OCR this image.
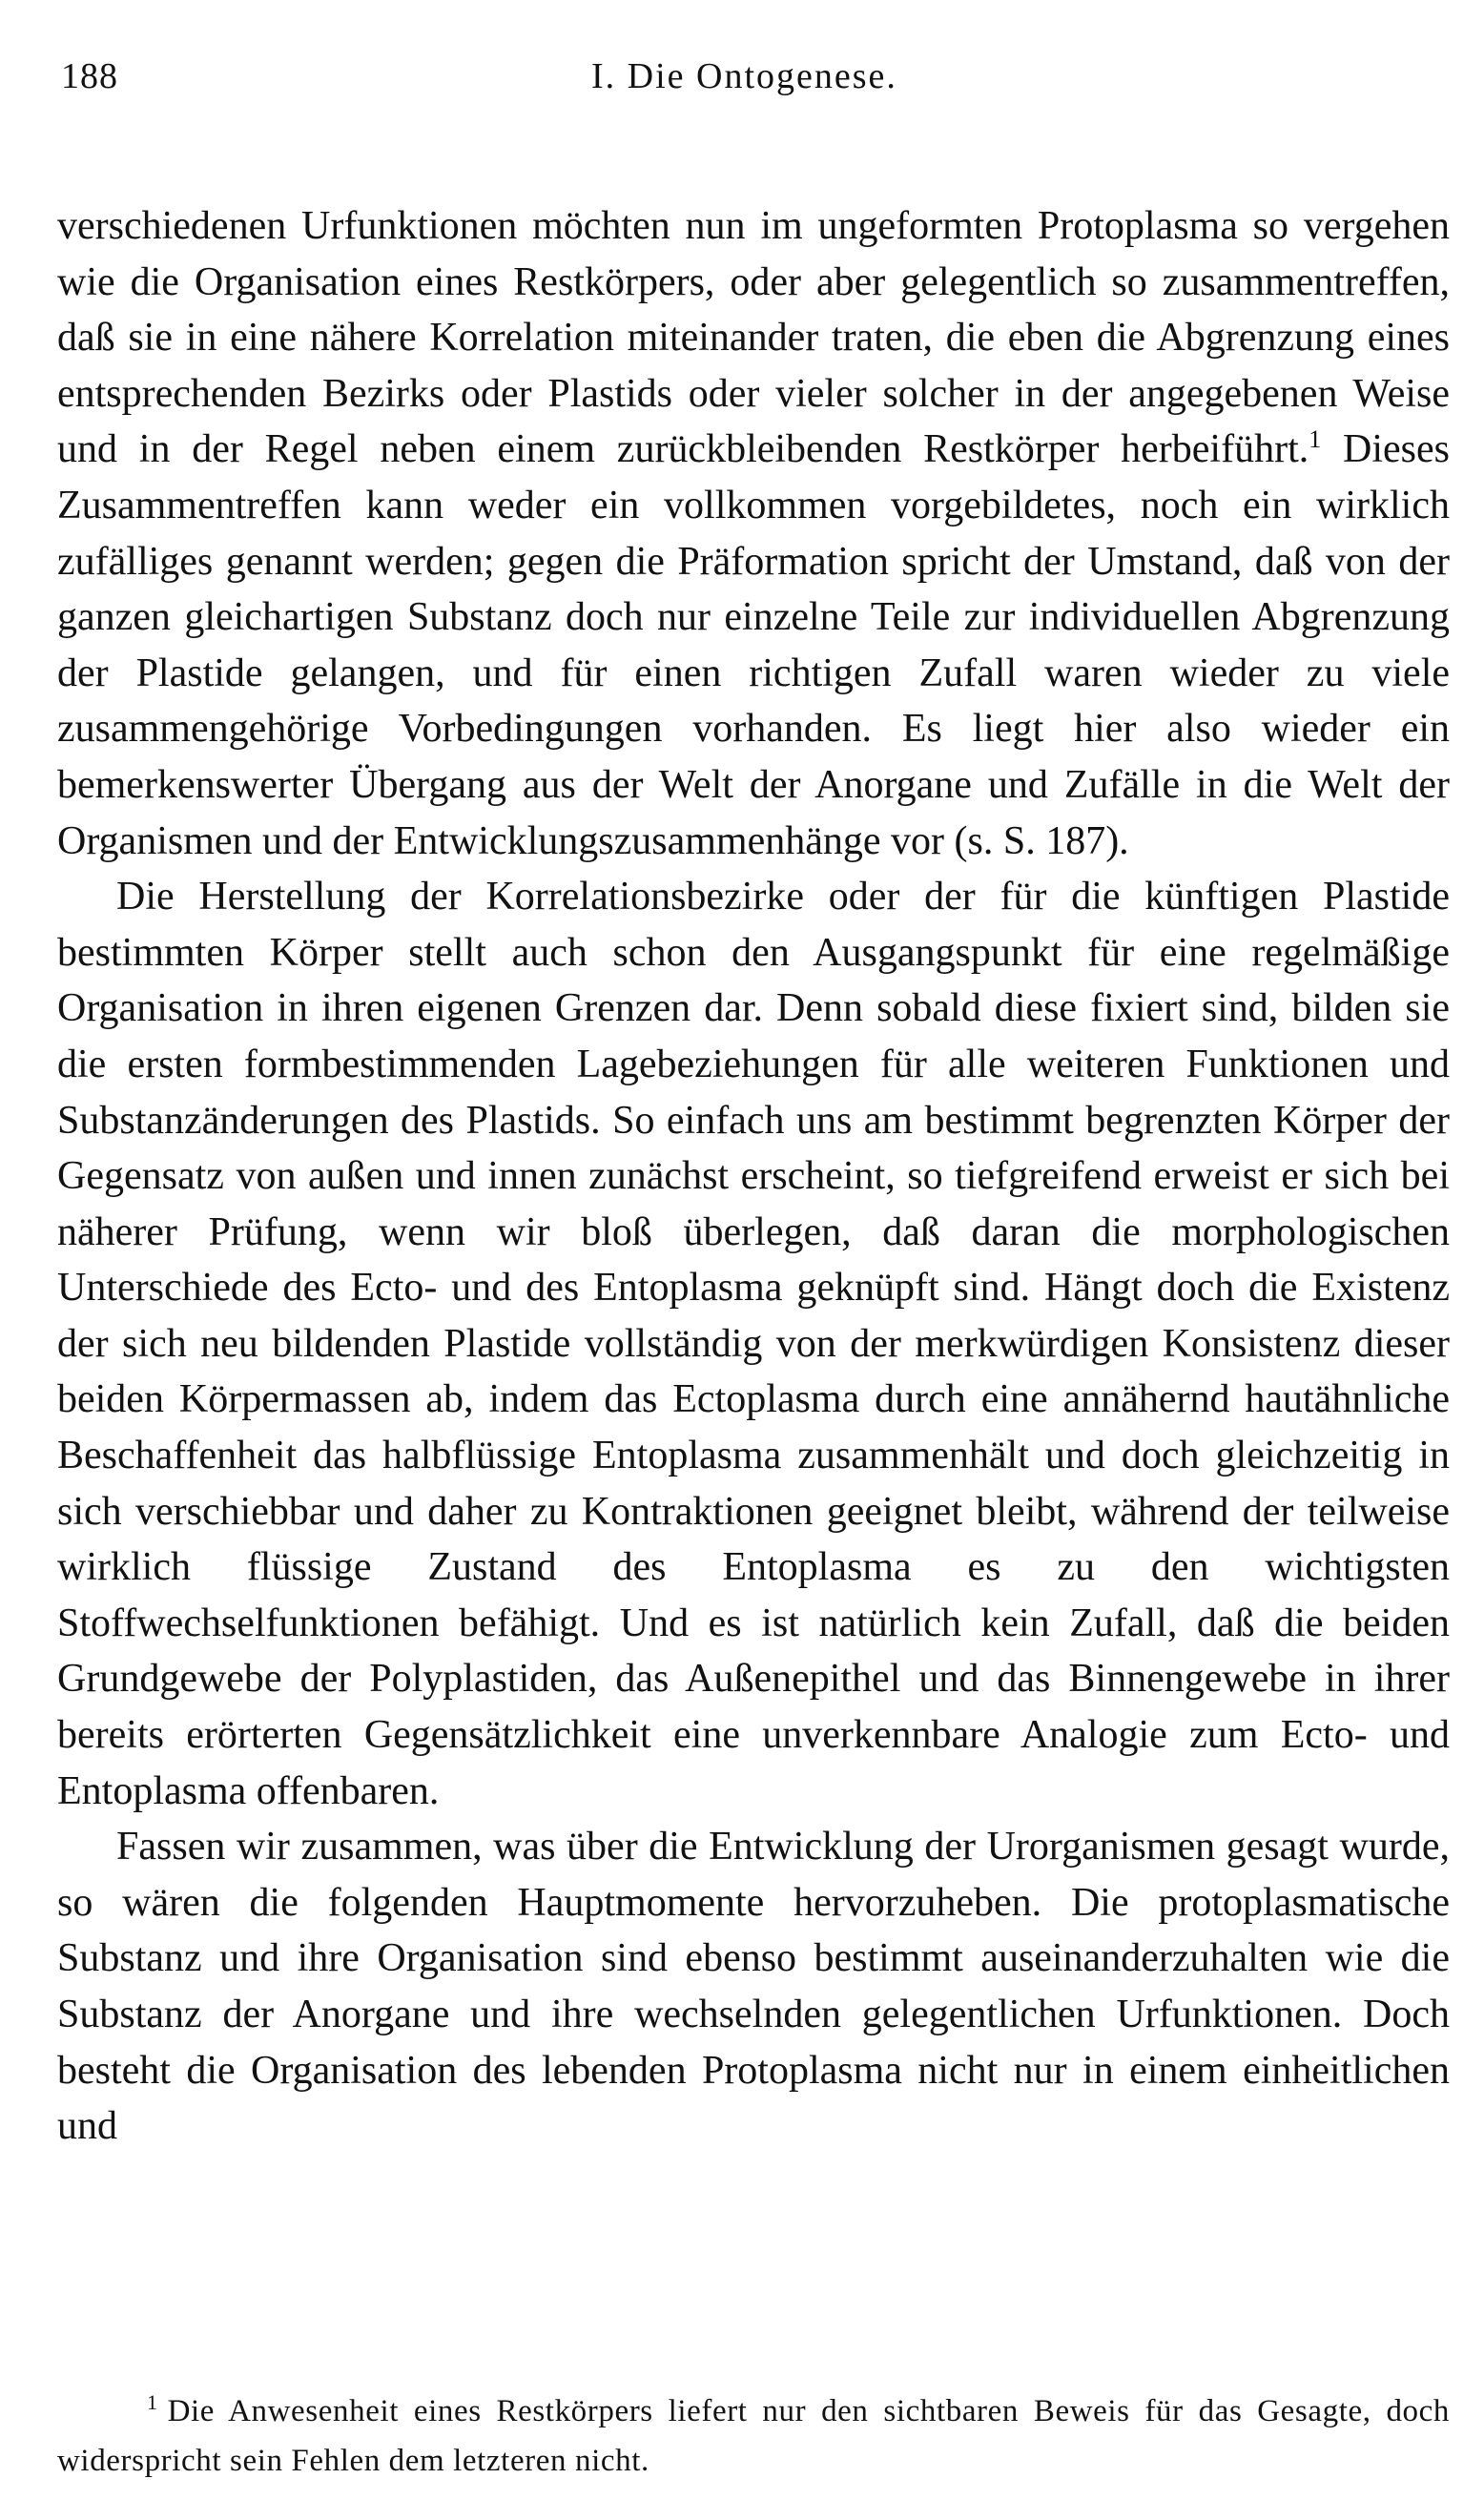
188	I. Die Ontogenese.

verschiedenen Urfunktionen möchten nun im ungeformten Protoplasma so vergehen wie die Organisation eines Restkörpers, oder aber gelegentlich so zusammentreffen, daß sie in eine nähere Korrelation miteinander traten, die eben die Abgrenzung eines entsprechenden Bezirks oder Plastids oder vieler solcher in der angegebenen Weise und in der Regel neben einem zurückbleibenden Restkörper herbeiführt.$^1$ Dieses Zusammentreffen kann weder ein vollkommen vorgebildetes, noch ein wirklich zufälliges genannt werden; gegen die Präformation spricht der Umstand, daß von der ganzen gleichartigen Substanz doch nur einzelne Teile zur individuellen Abgrenzung der Plastide gelangen, und für einen richtigen Zufall waren wieder zu viele zusammengehörige Vorbedingungen vorhanden. Es liegt hier also wieder ein bemerkenswerter Übergang aus der Welt der Anorgane und Zufälle in die Welt der Organismen und der Entwicklungszusammenhänge vor (s. S. 187).

Die Herstellung der Korrelationsbezirke oder der für die künftigen Plastide bestimmten Körper stellt auch schon den Ausgangspunkt für eine regelmäßige Organisation in ihren eigenen Grenzen dar. Denn sobald diese fixiert sind, bilden sie die ersten formbestimmenden Lagebeziehungen für alle weiteren Funktionen und Substanzänderungen des Plastids. So einfach uns am bestimmt begrenzten Körper der Gegensatz von außen und innen zunächst erscheint, so tiefgreifend erweist er sich bei näherer Prüfung, wenn wir bloß überlegen, daß daran die morphologischen Unterschiede des Ecto- und des Entoplasma geknüpft sind. Hängt doch die Existenz der sich neu bildenden Plastide vollständig von der merkwürdigen Konsistenz dieser beiden Körpermassen ab, indem das Ectoplasma durch eine annähernd hautähnliche Beschaffenheit das halbflüssige Entoplasma zusammenhält und doch gleichzeitig in sich verschiebbar und daher zu Kontraktionen geeignet bleibt, während der teilweise wirklich flüssige Zustand des Entoplasma es zu den wichtigsten Stoffwechselfunktionen befähigt. Und es ist natürlich kein Zufall, daß die beiden Grundgewebe der Polyplastiden, das Außenepithel und das Binnengewebe in ihrer bereits erörterten Gegensätzlichkeit eine unverkennbare Analogie zum Ecto- und Entoplasma offenbaren.

Fassen wir zusammen, was über die Entwicklung der Urorganismen gesagt wurde, so wären die folgenden Hauptmomente hervorzuheben. Die protoplasmatische Substanz und ihre Organisation sind ebenso bestimmt auseinanderzuhalten wie die Substanz der Anorgane und ihre wechselnden gelegentlichen Urfunktionen. Doch besteht die Organisation des lebenden Protoplasma nicht nur in einem einheitlichen und

$^1$ Die Anwesenheit eines Restkörpers liefert nur den sichtbaren Beweis für das Gesagte, doch widerspricht sein Fehlen dem letzteren nicht.
